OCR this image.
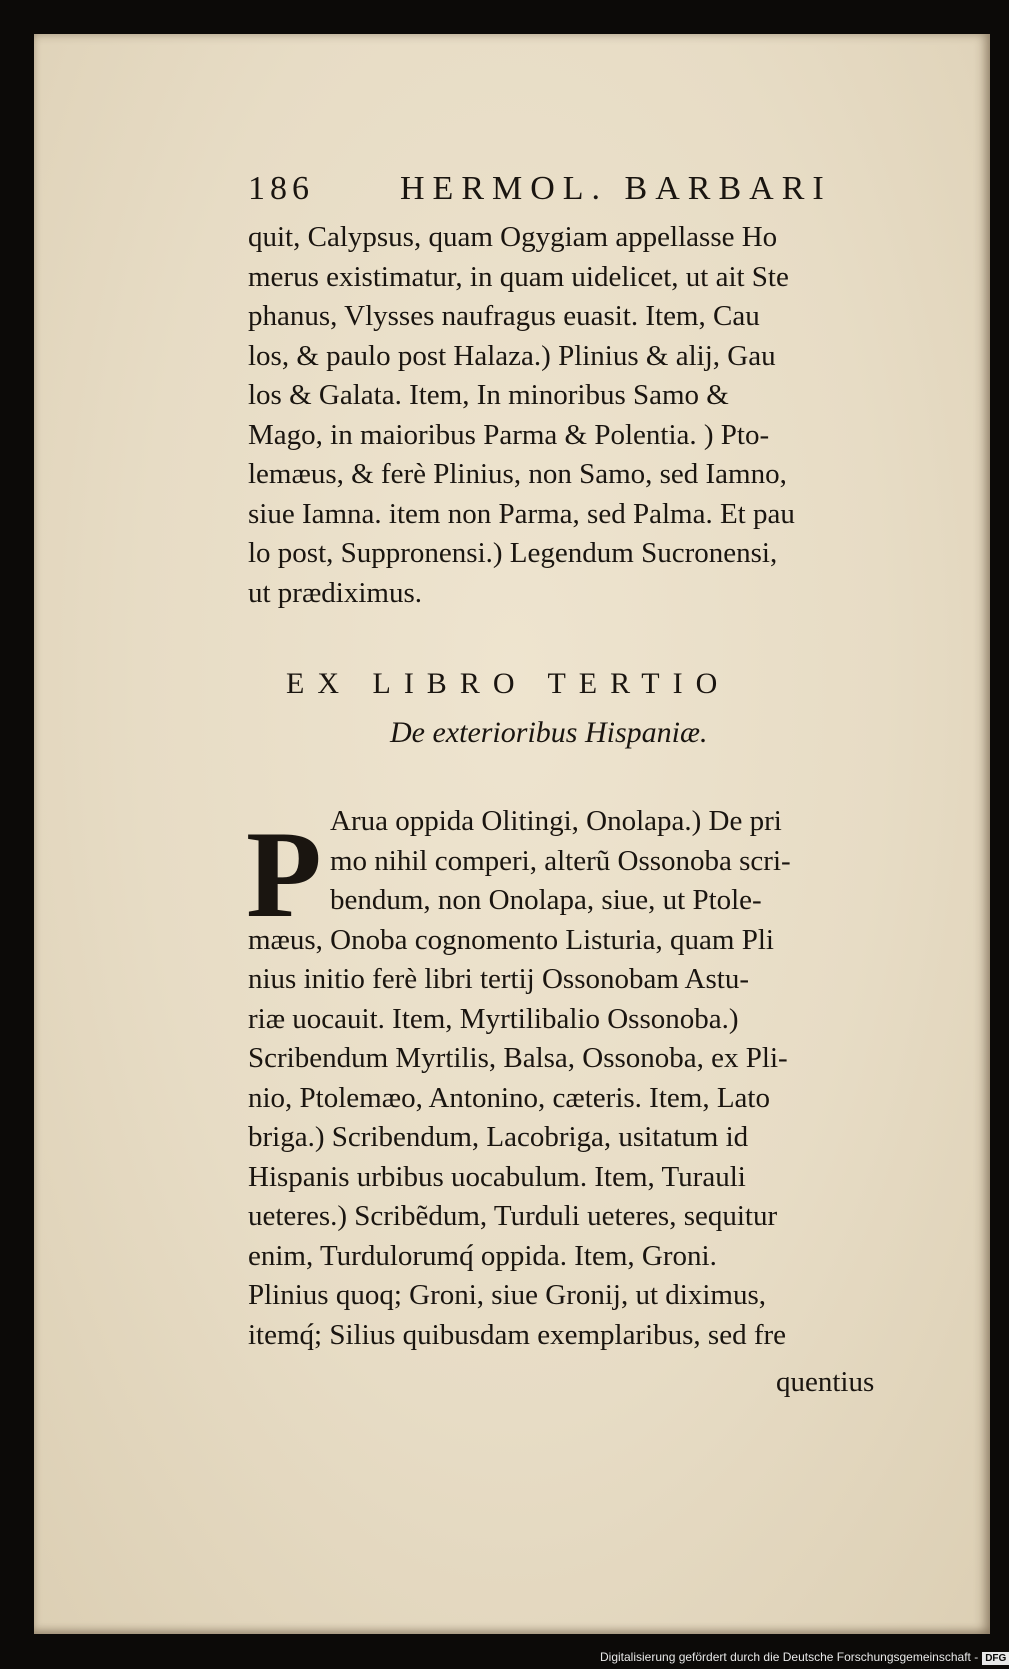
186	HERMOL. BARBARI
quit, Calypsus, quam Ogygiam appellasse Ho
merus existimatur, in quam uidelicet, ut ait Ste
phanus, Vlysses naufragus euasit. Item, Cau
los, & paulo post Halaza.) Plinius & alij, Gau
los & Galata. Item, In minoribus Samo &
Mago, in maioribus Parma & Polentia. ) Pto-
lemæus, & ferè Plinius, non Samo, sed Iamno,
siue Iamna. item non Parma, sed Palma. Et pau
lo post, Suppronensi.) Legendum Sucronensi,
ut prædiximus.
EX LIBRO TERTIO
De exterioribus Hispaniæ.
P Arua oppida Olitingi, Onolapa.) De pri
mo nihil comperi, alterũ Ossonoba scri-
bendum, non Onolapa, siue, ut Ptole-
mæus, Onoba cognomento Listuria, quam Pli
nius initio ferè libri tertij Ossonobam Astu-
riæ uocauit. Item, Myrtilibalio Ossonoba.)
Scribendum Myrtilis, Balsa, Ossonoba, ex Pli-
nio, Ptolemæo, Antonino, cæteris. Item, Lato
briga.) Scribendum, Lacobriga, usitatum id
Hispanis urbibus uocabulum. Item, Turauli
ueteres.) Scribẽdum, Turduli ueteres, sequitur
enim, Turdulorumq́ oppida. Item, Groni.
Plinius quoq; Groni, siue Gronij, ut diximus,
itemq́; Silius quibusdam exemplaribus, sed fre
quentius
Digitalisierung gefördert durch die Deutsche Forschungsgemeinschaft - DFG
